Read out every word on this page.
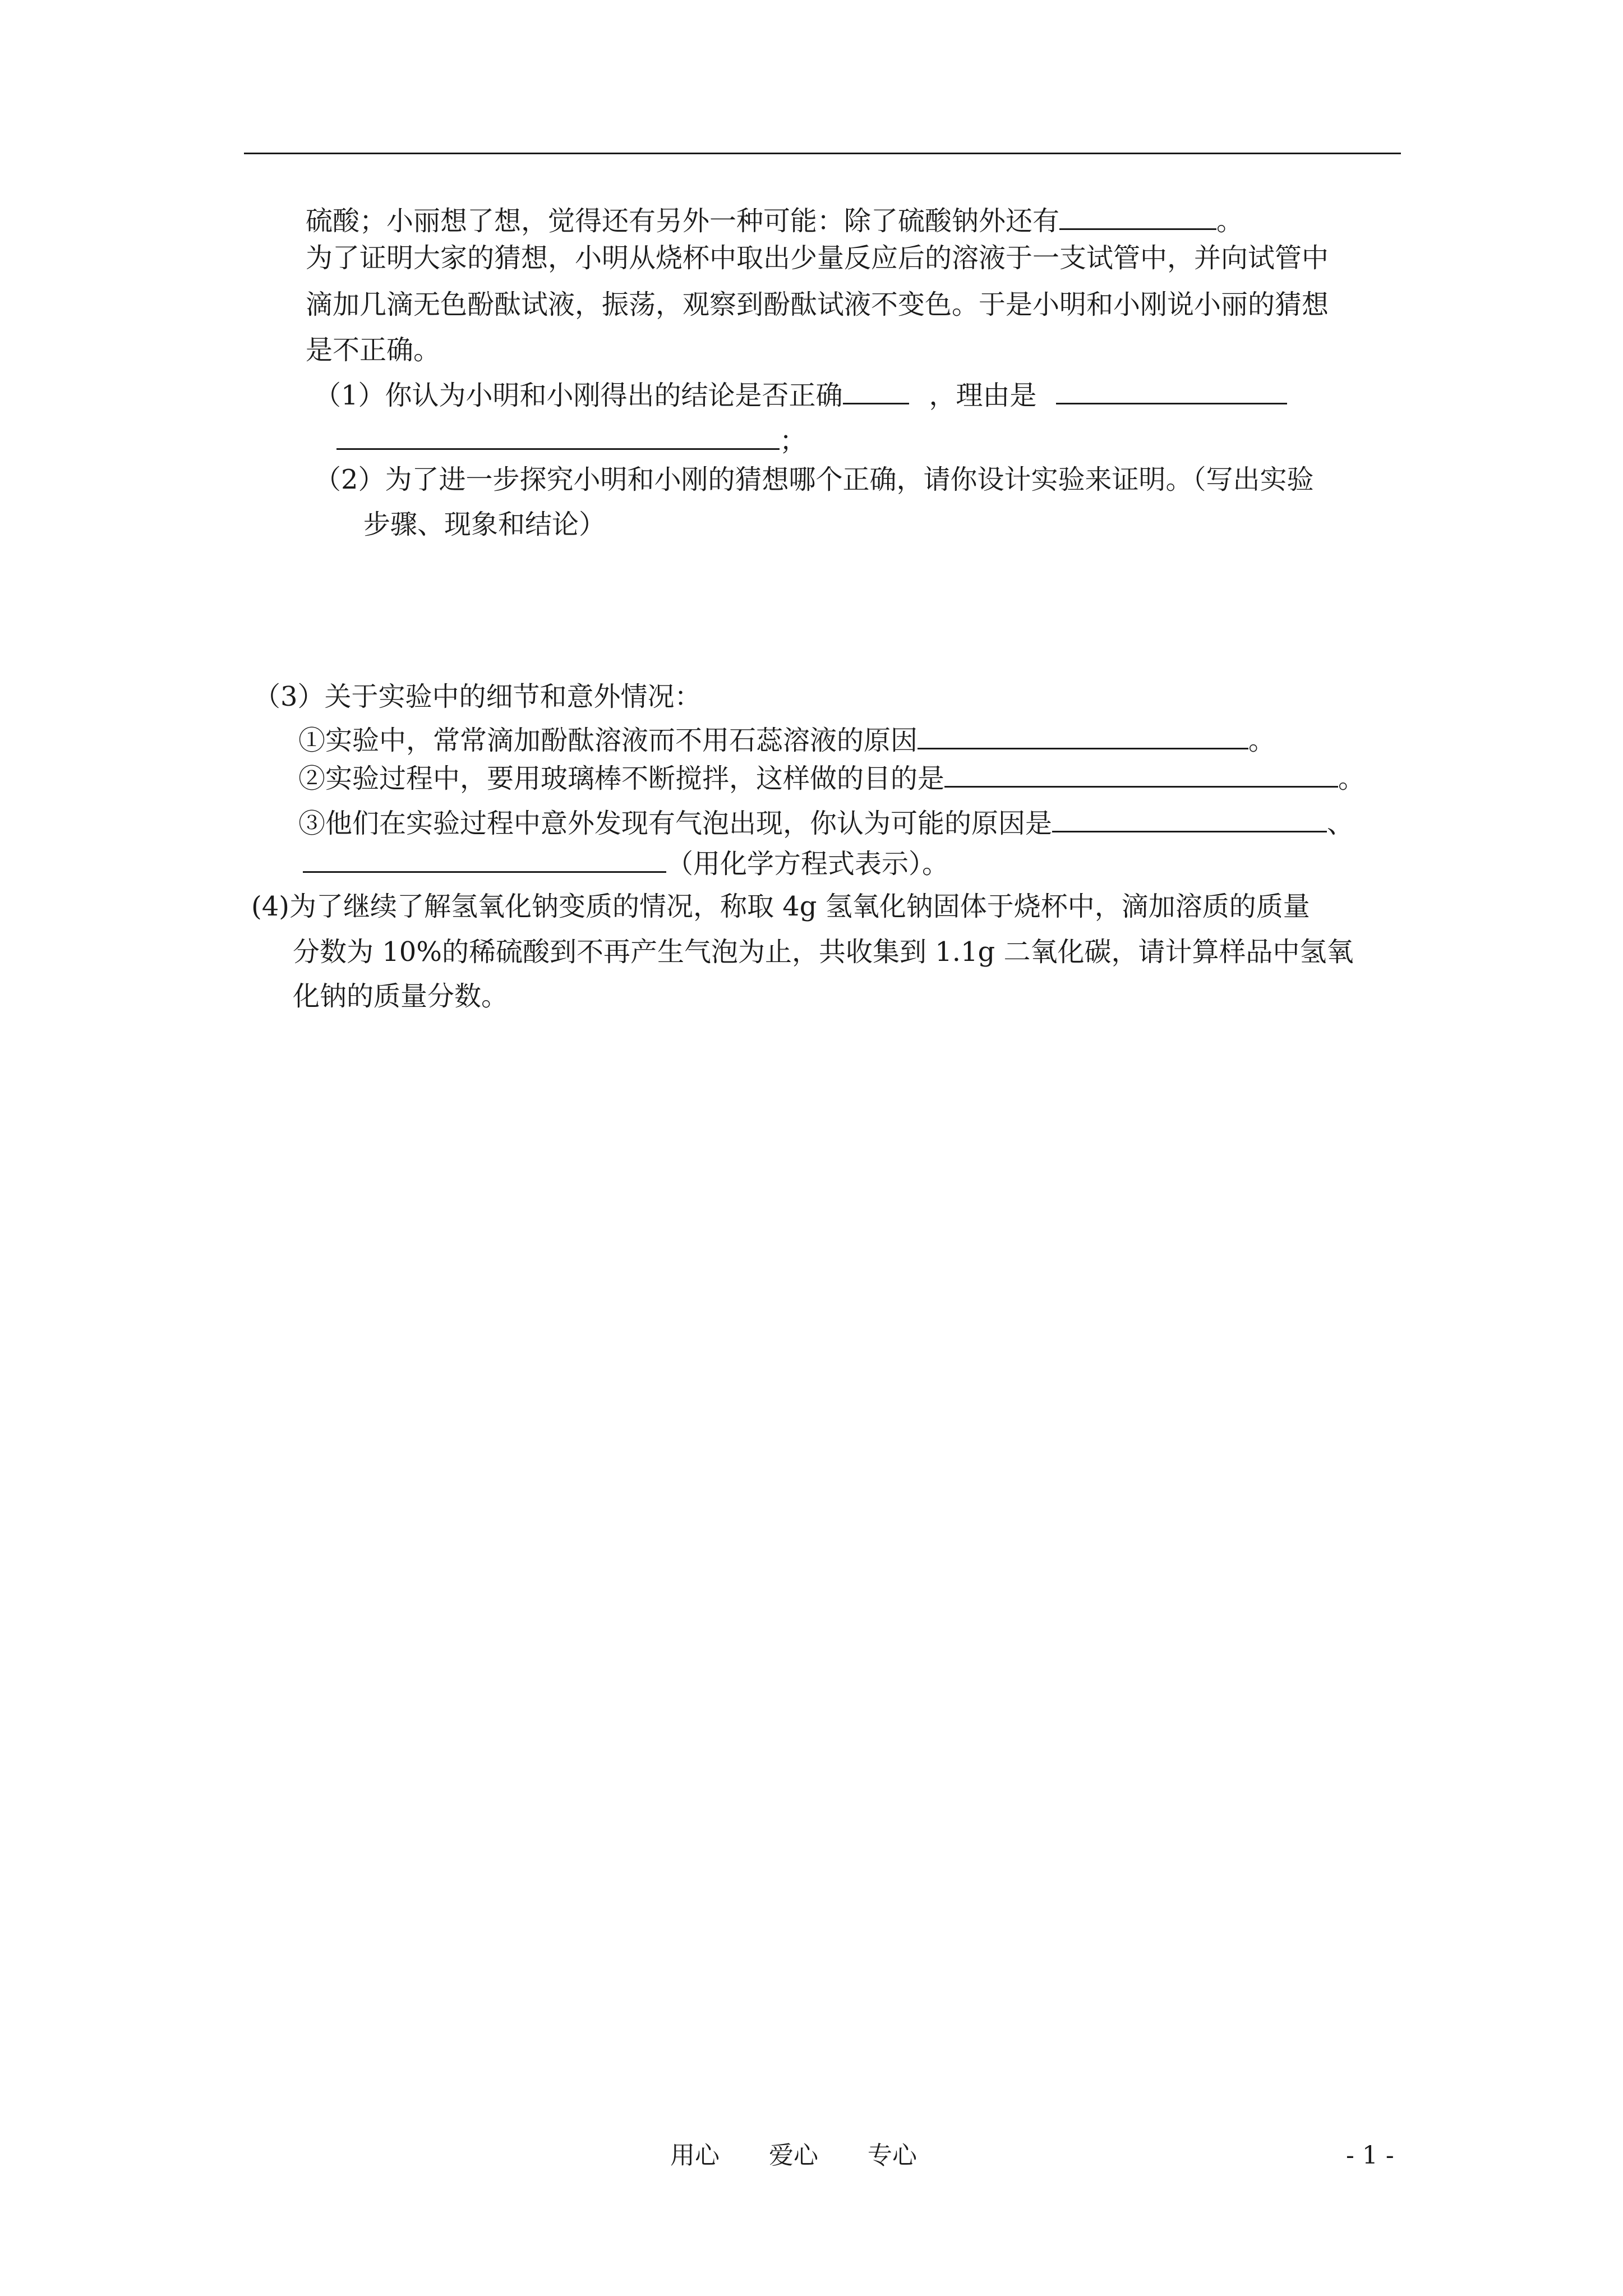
硫酸；小丽想了想，觉得还有另外一种可能：除了硫酸钠外还有	。
为了证明大家的猜想，小明从烧杯中取出少量反应后的溶液于一支试管中，并向试管中
滴加几滴无色酚酞试液，振荡，观察到酚酞试液不变色。于是小明和小刚说小丽的猜想
是不正确。
（1）你认为小明和小刚得出的结论是否正确	，理由是
；
（2）为了进一步探究小明和小刚的猜想哪个正确，请你设计实验来证明。（写出实验
步骤、现象和结论）
（3）关于实验中的细节和意外情况：
①实验中，常常滴加酚酞溶液而不用石蕊溶液的原因	。
②实验过程中，要用玻璃棒不断搅拌，这样做的目的是	。
③他们在实验过程中意外发现有气泡出现，你认为可能的原因是	、
（用化学方程式表示）。
(4)为了继续了解氢氧化钠变质的情况，称取 4g 氢氧化钠固体于烧杯中，滴加溶质的质量
分数为 10%的稀硫酸到不再产生气泡为止，共收集到 1.1g 二氧化碳，请计算样品中氢氧
化钠的质量分数。
用心　　爱心　　专心	- 1 -
